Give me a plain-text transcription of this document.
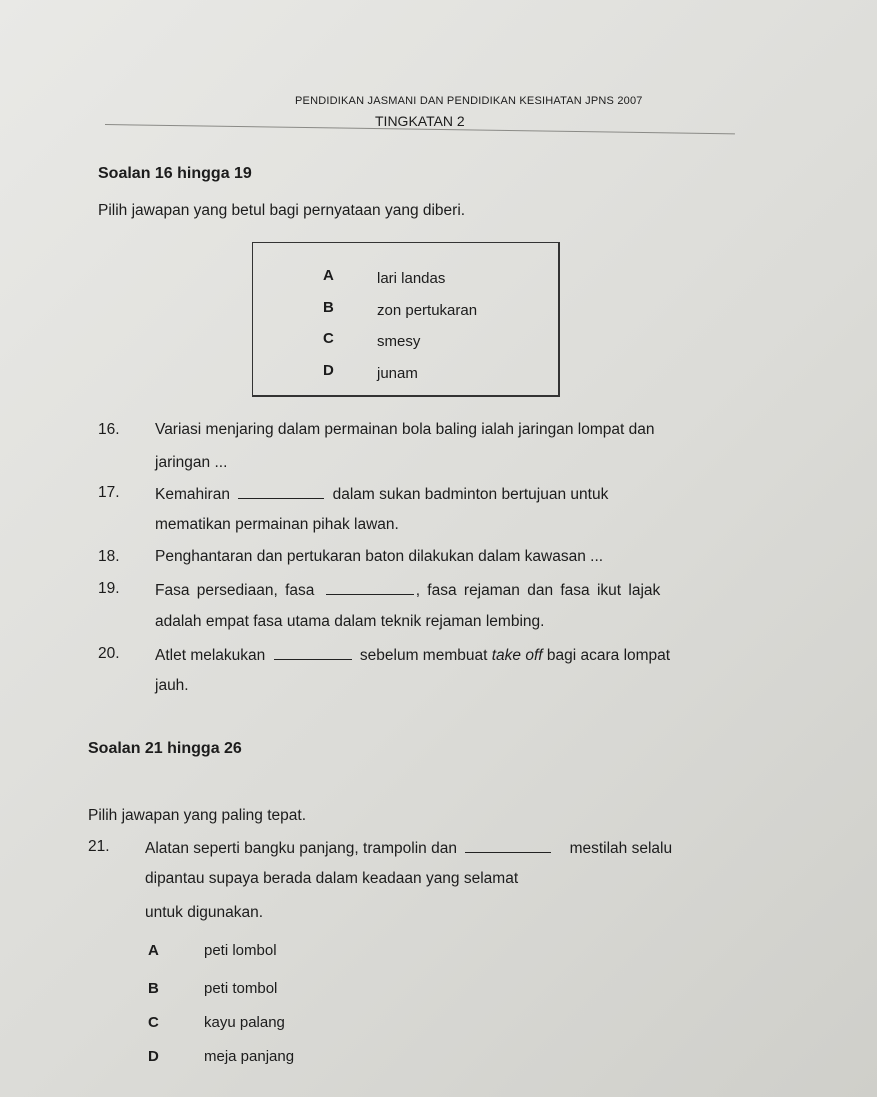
PENDIDIKAN JASMANI DAN PENDIDIKAN KESIHATAN JPNS 2007
TINGKATAN 2
Soalan 16 hingga 19
Pilih jawapan yang betul bagi pernyataan yang diberi.
A	lari landas
B	zon pertukaran
C	smesy
D	junam
16. Variasi menjaring dalam permainan bola baling ialah jaringan lompat dan
jaringan ...
17. Kemahiran	dalam sukan badminton bertujuan untuk
mematikan permainan pihak lawan.
18. Penghantaran dan pertukaran baton dilakukan dalam kawasan ...
19. Fasa persediaan, fasa	, fasa rejaman dan fasa ikut lajak
adalah empat fasa utama dalam teknik rejaman lembing.
20. Atlet melakukan	sebelum membuat take off bagi acara lompat
jauh.
Soalan 21 hingga 26
Pilih jawapan yang paling tepat.
21. Alatan seperti bangku panjang, trampolin dan	mestilah selalu
dipantau supaya berada dalam keadaan yang selamat
untuk digunakan.
A	peti lombol
B	peti tombol
C	kayu palang
D	meja panjang
